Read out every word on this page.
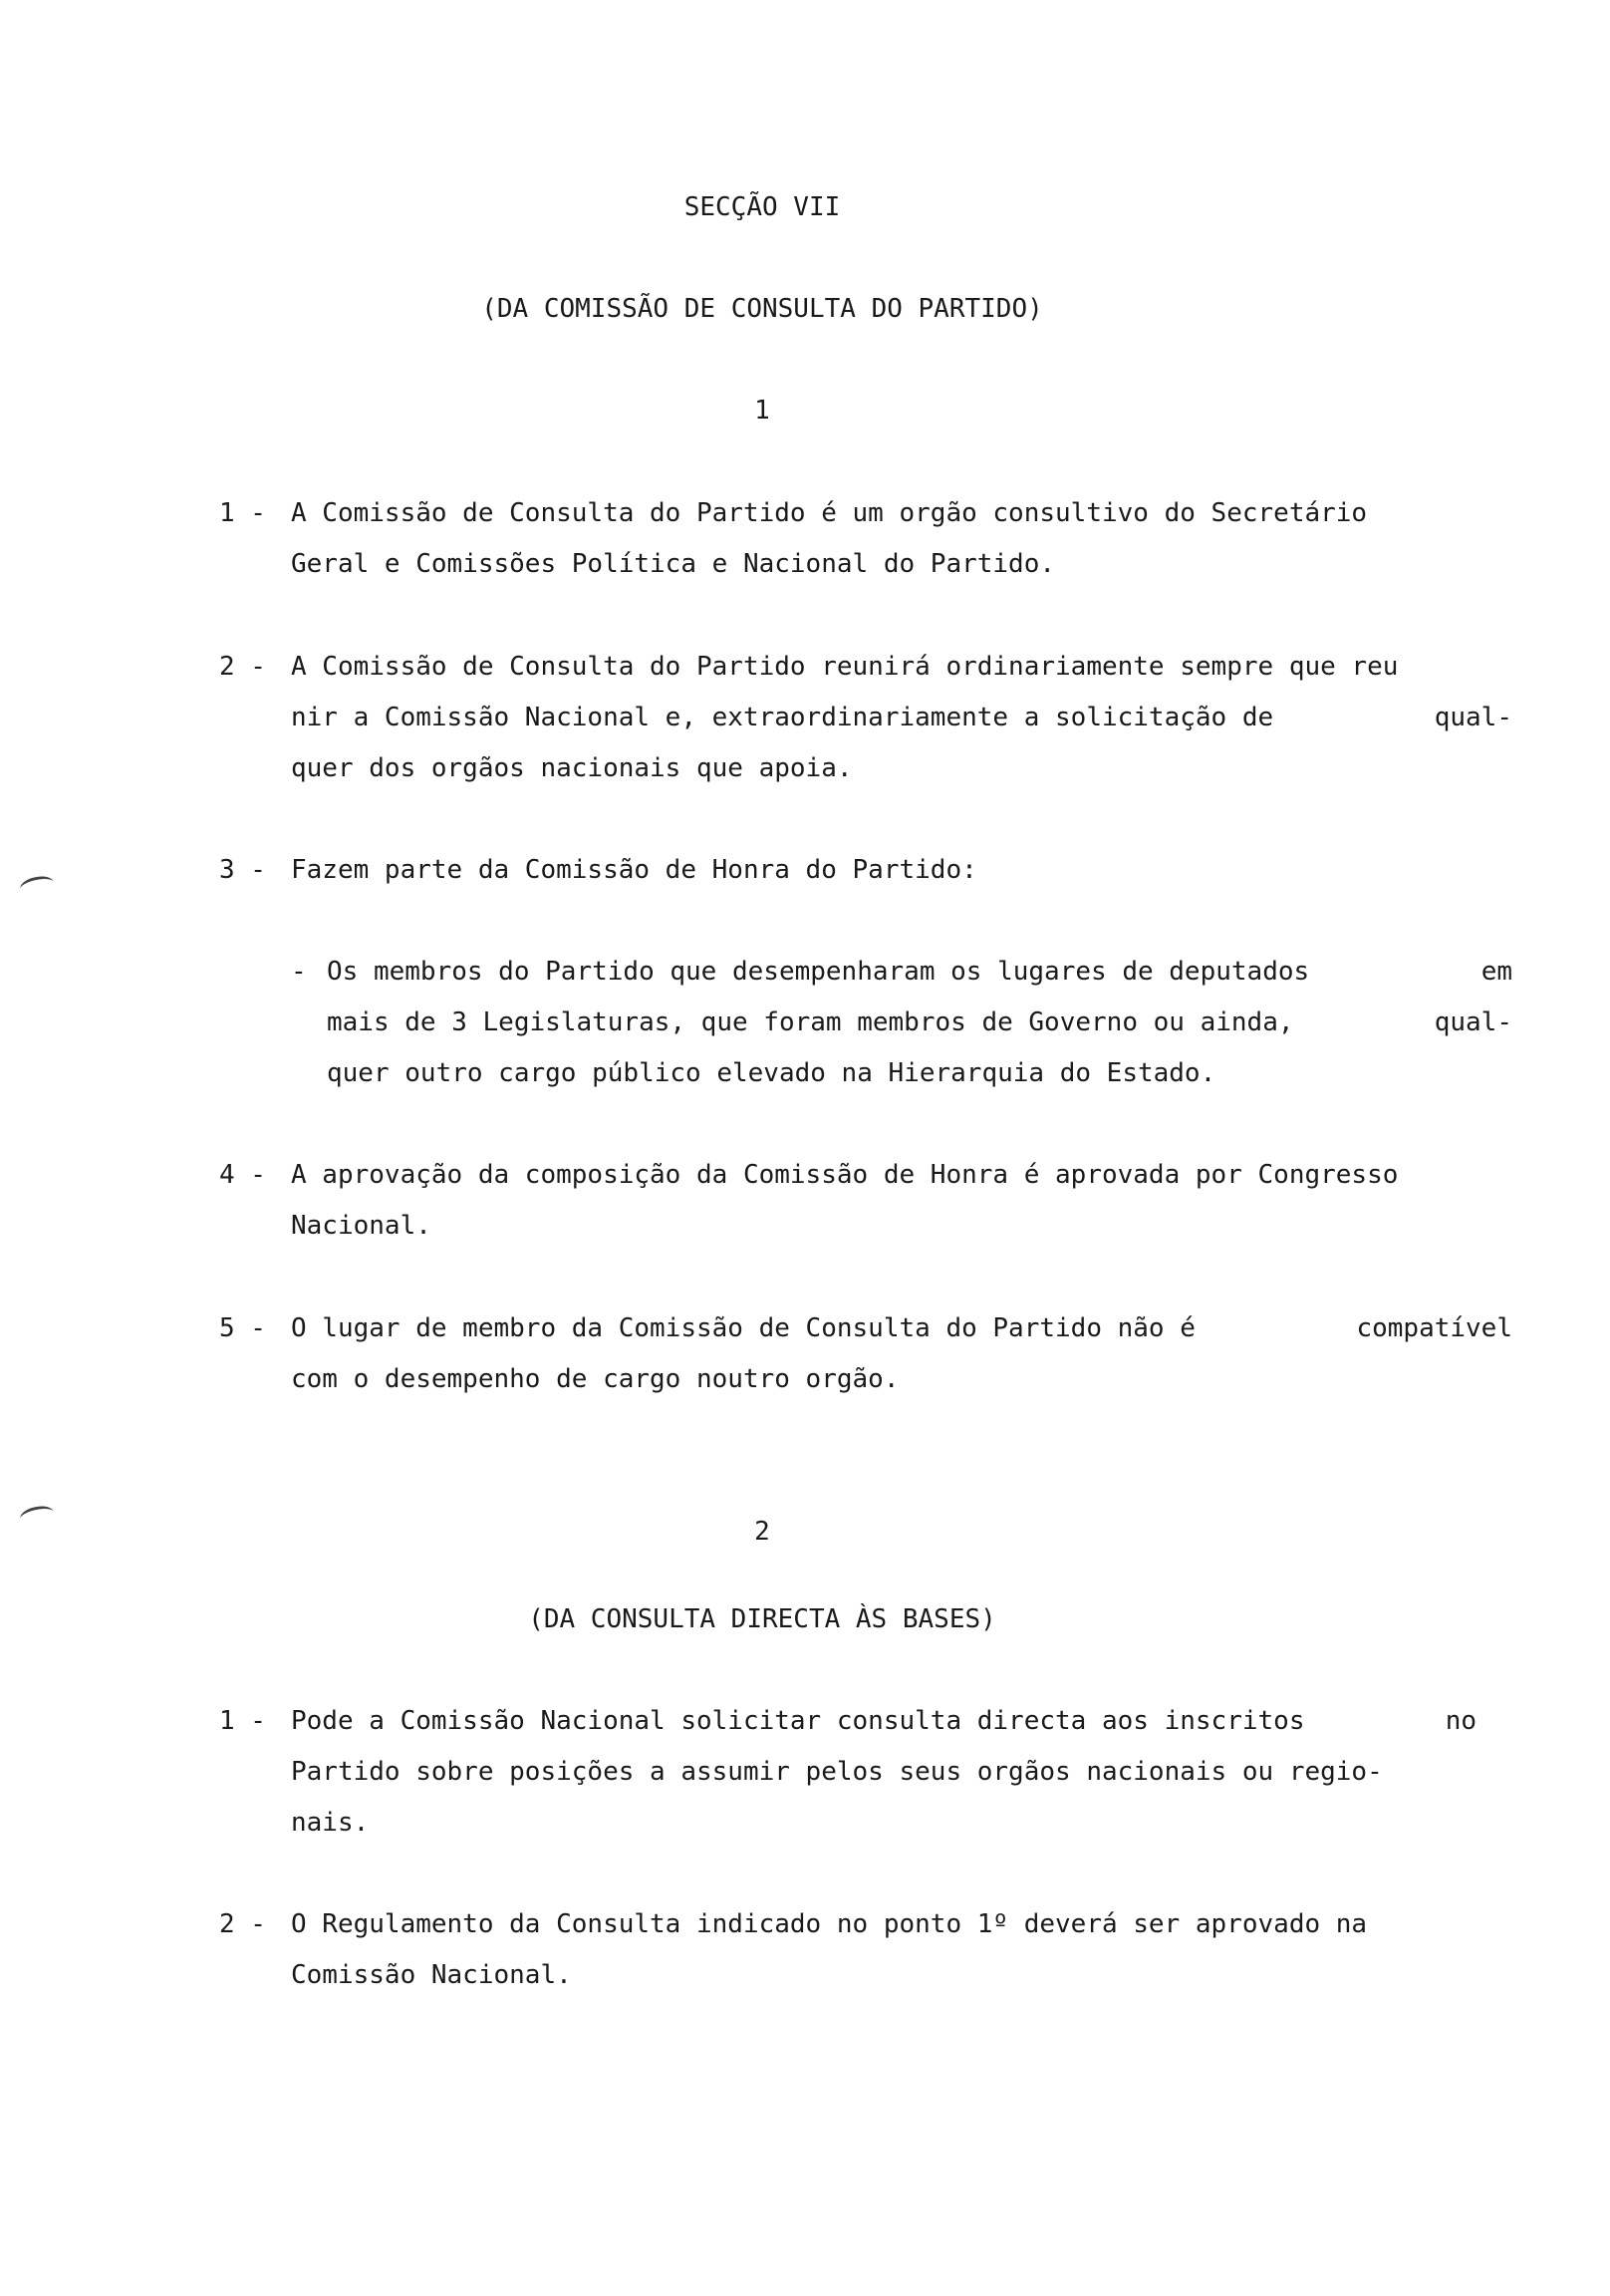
SECÇÃO VII
(DA COMISSÃO DE CONSULTA DO PARTIDO)
1
1 - A Comissão de Consulta do Partido é um orgão consultivo do Secretário
Geral e Comissões Política e Nacional do Partido.
2 - A Comissão de Consulta do Partido reunirá ordinariamente sempre que reu
nir a Comissão Nacional e, extraordinariamente a solicitação de	qual-
quer dos orgãos nacionais que apoia.
3 - Fazem parte da Comissão de Honra do Partido:
- Os membros do Partido que desempenharam os lugares de deputados	em
mais de 3 Legislaturas, que foram membros de Governo ou ainda,	qual-
quer outro cargo público elevado na Hierarquia do Estado.
4 - A aprovação da composição da Comissão de Honra é aprovada por Congresso
Nacional.
5 - O lugar de membro da Comissão de Consulta do Partido não é	compatível
com o desempenho de cargo noutro orgão.
2
(DA CONSULTA DIRECTA ÀS BASES)
1 - Pode a Comissão Nacional solicitar consulta directa aos inscritos	no
Partido sobre posições a assumir pelos seus orgãos nacionais ou regio-
nais.
2 - O Regulamento da Consulta indicado no ponto 1º deverá ser aprovado na
Comissão Nacional.
